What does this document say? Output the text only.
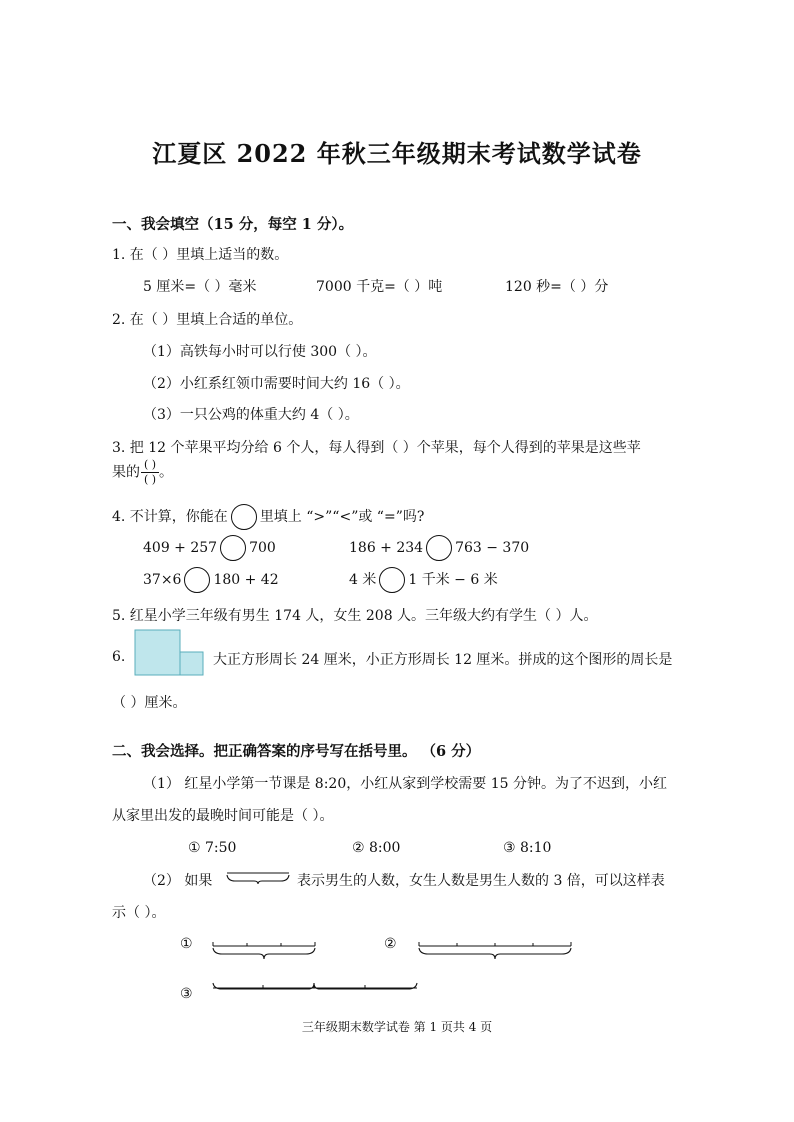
江夏区 2022 年秋三年级期末考试数学试卷
一、我会填空（15 分，每空 1 分）。
1. 在（ ）里填上适当的数。
5 厘米=（ ）毫米	7000 千克=（ ）吨	120 秒=（ ）分
2. 在（ ）里填上合适的单位。
（1）高铁每小时可以行使 300（ ）。
（2）小红系红领巾需要时间大约 16（ ）。
（3）一只公鸡的体重大约 4（ ）。
3. 把 12 个苹果平均分给 6 个人，每人得到（ ）个苹果，每个人得到的苹果是这些苹
果的 $\frac{( )}{( )}$ 。
4. 不计算，你能在 里填上 “>”“<”或 “=”吗?
409 + 257 700	186 + 234 763 − 370
37×6 180 + 42	4 米 1 千米 − 6 米
5. 红星小学三年级有男生 174 人，女生 208 人。三年级大约有学生（ ）人。
6.	大正方形周长 24 厘米，小正方形周长 12 厘米。拼成的这个图形的周长是
（ ）厘米。
二、我会选择。把正确答案的序号写在括号里。 （6 分）
（1） 红星小学第一节课是 8:20，小红从家到学校需要 15 分钟。为了不迟到，小红
从家里出发的最晚时间可能是（ ）。
① 7:50	② 8:00	③ 8:10
（2） 如果	表示男生的人数，女生人数是男生人数的 3 倍，可以这样表
示（ ）。
①	②
③
三年级期末数学试卷 第 1 页共 4 页
